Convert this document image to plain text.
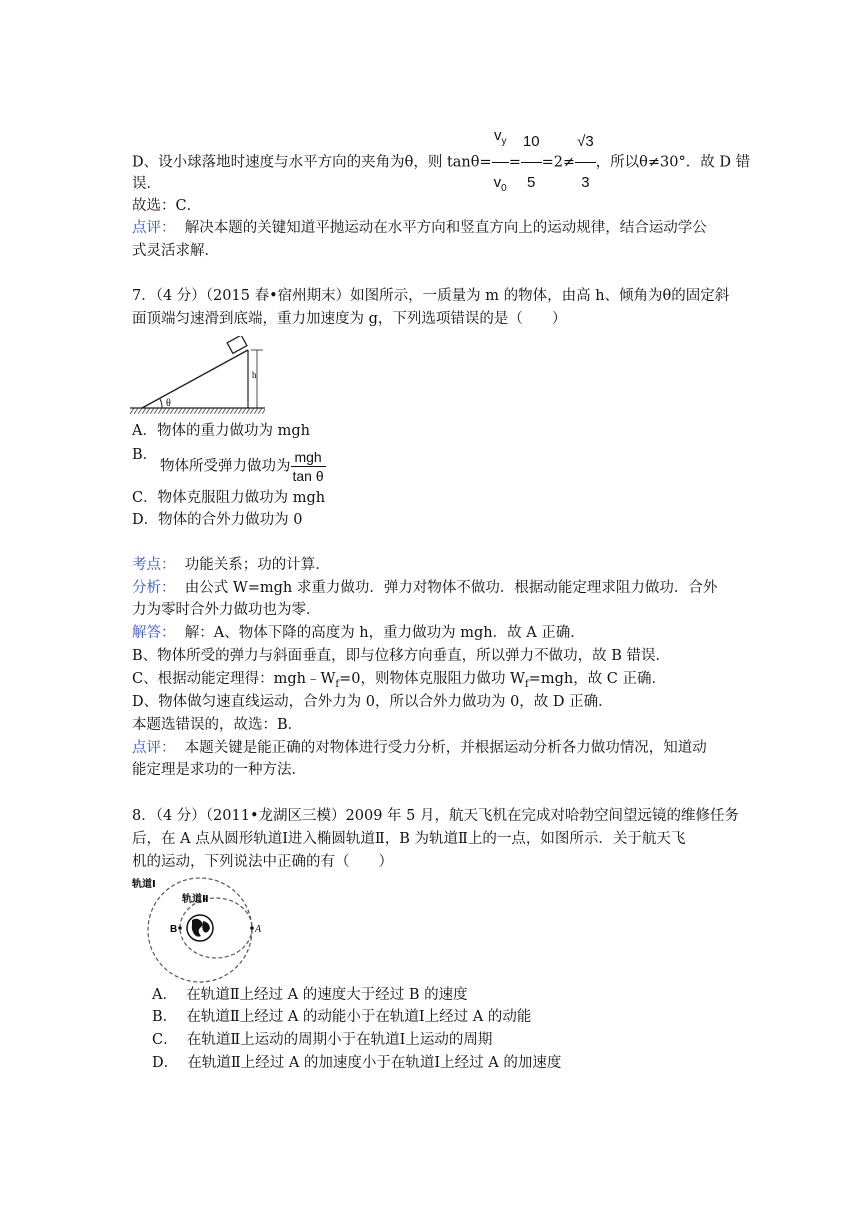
D、设小球落地时速度与水平方向的夹角为θ，则 $\tan\theta= \frac{v_y}{v_0} = \frac{10}{5} =2\ne \frac{√3}{3}$ ，所以θ≠30°．故 D 错
误．
故选：C．
点评： 解决本题的关键知道平抛运动在水平方向和竖直方向上的运动规律，结合运动学公
式灵活求解．
7．（4 分）（2015 春•宿州期末）如图所示，一质量为 m 的物体，由高 h、倾角为θ的固定斜
面顶端匀速滑到底端，重力加速度为 g，下列选项错误的是（　　）
h
θ
A．物体的重力做功为 mgh
B．
物体所受弹力做功为 $\frac{\text{mgh}}{\text{tan θ}}$
C．物体克服阻力做功为 mgh
D．物体的合外力做功为 0
考点： 功能关系；功的计算．
分析： 由公式 W=mgh 求重力做功．弹力对物体不做功．根据动能定理求阻力做功．合外
力为零时合外力做功也为零．
解答： 解：A、物体下降的高度为 h，重力做功为 mgh．故 A 正确．
B、物体所受的弹力与斜面垂直，即与位移方向垂直，所以弹力不做功，故 B 错误．
C、根据动能定理得：$mgh﹣W_f=0$，则物体克服阻力做功 $W_f=mgh$，故 C 正确．
D、物体做匀速直线运动，合外力为 0，所以合外力做功为 0，故 D 正确．
本题选错误的，故选：B．
点评： 本题关键是能正确的对物体进行受力分析，并根据运动分析各力做功情况，知道动
能定理是求功的一种方法．
8．（4 分）（2011•龙湖区三模）2009 年 5 月，航天飞机在完成对哈勃空间望远镜的维修任务
后，在 A 点从圆形轨道Ⅰ进入椭圆轨道Ⅱ，B 为轨道Ⅱ上的一点，如图所示．关于航天飞
机的运动，下列说法中正确的有（　　）
B	A
轨道Ⅰ
轨道Ⅱ
A． 在轨道Ⅱ上经过 A 的速度大于经过 B 的速度
B． 在轨道Ⅱ上经过 A 的动能小于在轨道Ⅰ上经过 A 的动能
C． 在轨道Ⅱ上运动的周期小于在轨道Ⅰ上运动的周期
D． 在轨道Ⅱ上经过 A 的加速度小于在轨道Ⅰ上经过 A 的加速度
